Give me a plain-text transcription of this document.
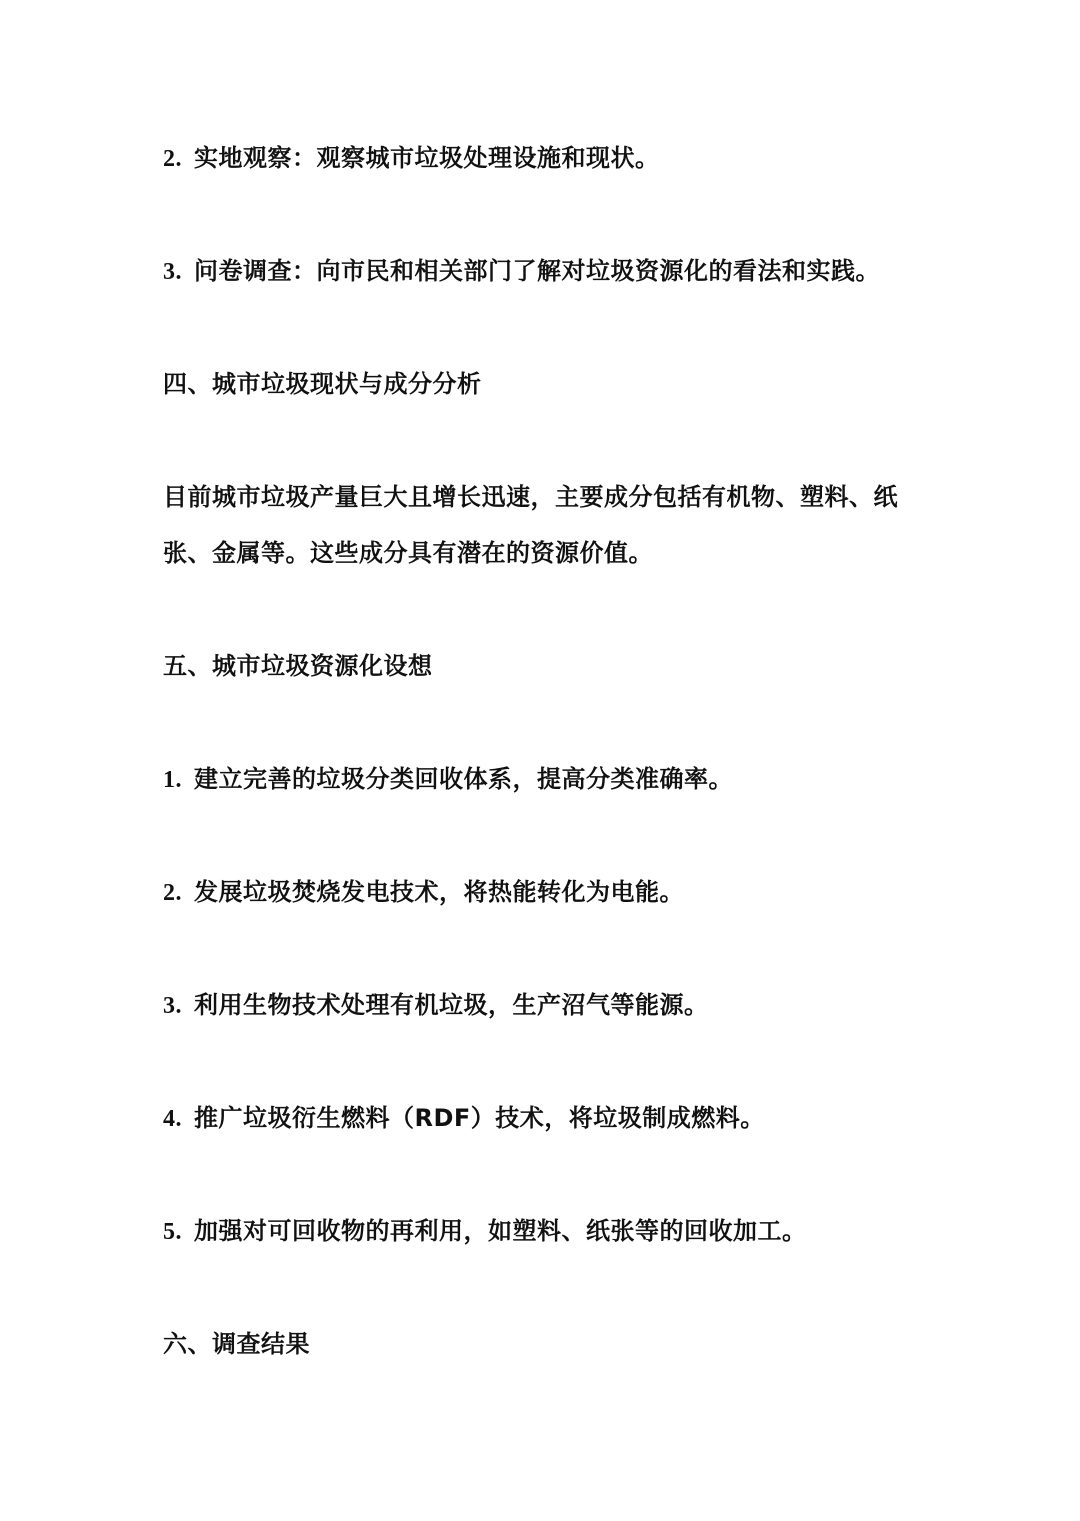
2. 实地观察：观察城市垃圾处理设施和现状。

3. 问卷调查：向市民和相关部门了解对垃圾资源化的看法和实践。

四、城市垃圾现状与成分分析

目前城市垃圾产量巨大且增长迅速，主要成分包括有机物、塑料、纸

张、金属等。这些成分具有潜在的资源价值。

五、城市垃圾资源化设想

1. 建立完善的垃圾分类回收体系，提高分类准确率。

2. 发展垃圾焚烧发电技术，将热能转化为电能。

3. 利用生物技术处理有机垃圾，生产沼气等能源。

4. 推广垃圾衍生燃料（RDF）技术，将垃圾制成燃料。

5. 加强对可回收物的再利用，如塑料、纸张等的回收加工。

六、调查结果
